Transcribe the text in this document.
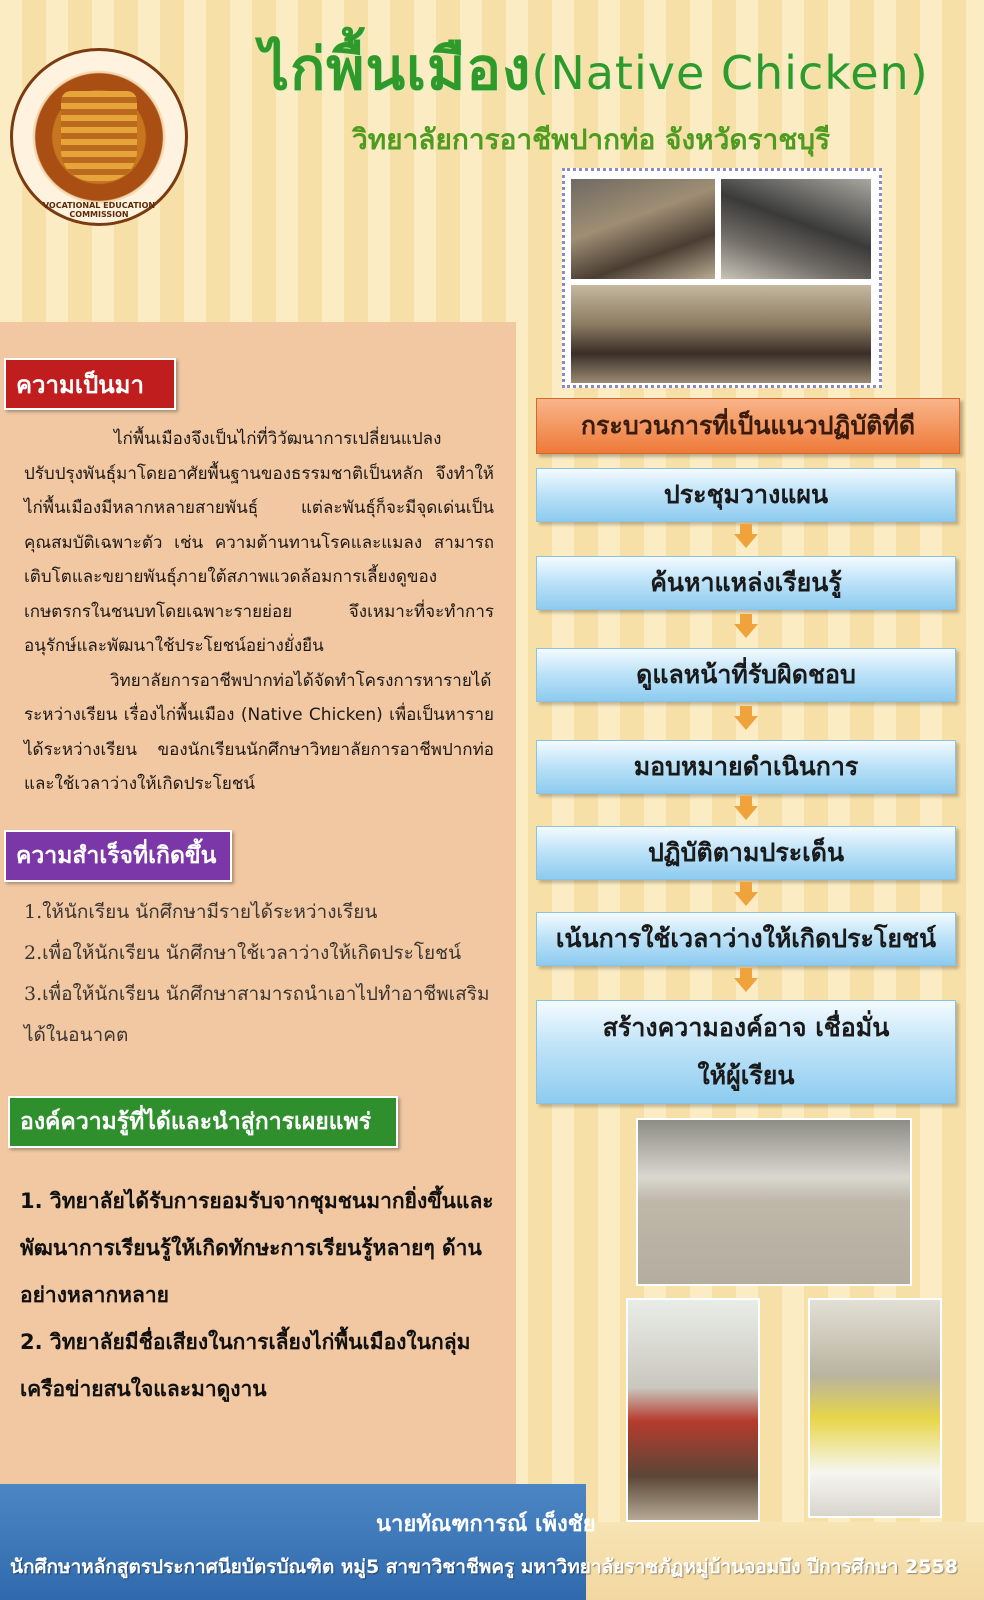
VOCATIONAL EDUCATION COMMISSION
ไก่พื้นเมือง(Native Chicken)
วิทยาลัยการอาชีพปากท่อ จังหวัดราชบุรี
ความเป็นมา

ไก่พื้นเมืองจึงเป็นไก่ที่วิวัฒนาการเปลี่ยนแปลงปรับปรุงพันธุ์มาโดยอาศัยพื้นฐานของธรรมชาติเป็นหลัก จึงทำให้ไก่พื้นเมืองมีหลากหลายสายพันธุ์ แต่ละพันธุ์ก็จะมีจุดเด่นเป็นคุณสมบัติเฉพาะตัว เช่น ความต้านทานโรคและแมลง สามารถเติบโตและขยายพันธุ์ภายใต้สภาพแวดล้อมการเลี้ยงดูของเกษตรกรในชนบทโดยเฉพาะรายย่อย จึงเหมาะที่จะทำการอนุรักษ์และพัฒนาใช้ประโยชน์อย่างยั่งยืน

วิทยาลัยการอาชีพปากท่อได้จัดทำโครงการหารายได้ระหว่างเรียน เรื่องไก่พื้นเมือง (Native Chicken) เพื่อเป็นหารายได้ระหว่างเรียน ของนักเรียนนักศึกษาวิทยาลัยการอาชีพปากท่อ และใช้เวลาว่างให้เกิดประโยชน์

ความสำเร็จที่เกิดขึ้น

1.ให้นักเรียน นักศึกษามีรายได้ระหว่างเรียน

2.เพื่อให้นักเรียน นักศึกษาใช้เวลาว่างให้เกิดประโยชน์

3.เพื่อให้นักเรียน นักศึกษาสามารถนำเอาไปทำอาชีพเสริมได้ในอนาคต

องค์ความรู้ที่ได้และนำสู่การเผยแพร่

1. วิทยาลัยได้รับการยอมรับจากชุมชนมากยิ่งขึ้นและพัฒนาการเรียนรู้ให้เกิดทักษะการเรียนรู้หลายๆ ด้าน อย่างหลากหลาย

2. วิทยาลัยมีชื่อเสียงในการเลี้ยงไก่พื้นเมืองในกลุ่มเครือข่ายสนใจและมาดูงาน

กระบวนการที่เป็นแนวปฏิบัติที่ดี
ประชุมวางแผน
ค้นหาแหล่งเรียนรู้
ดูแลหน้าที่รับผิดชอบ
มอบหมายดำเนินการ
ปฏิบัติตามประเด็น
เน้นการใช้เวลาว่างให้เกิดประโยชน์
สร้างความองค์อาจ เชื่อมั่น
ให้ผู้เรียน
นายทัณฑการณ์ เพ็งชัย
นักศึกษาหลักสูตรประกาศนียบัตรบัณฑิต หมู่5 สาขาวิชาชีพครู มหาวิทยาลัยราชภัฏหมู่บ้านจอมบึง ปีการศึกษา 2558
